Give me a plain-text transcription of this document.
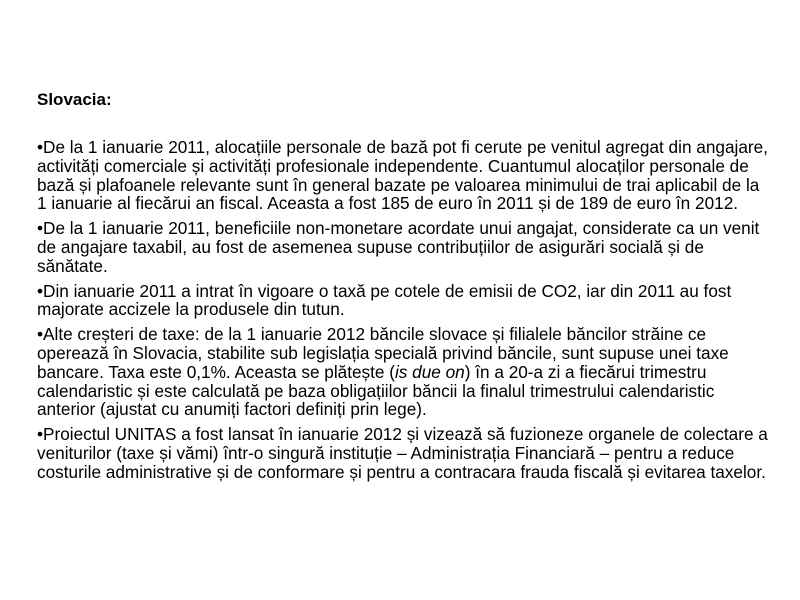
Slovacia:

•De la 1 ianuarie 2011, alocațiile personale de bază pot fi cerute pe venitul agregat din angajare, activități comerciale și activități profesionale independente. Cuantumul alocaților personale de bază și plafoanele relevante sunt în general bazate pe valoarea minimului de trai aplicabil de la 1 ianuarie al fiecărui an fiscal. Aceasta a fost 185 de euro în 2011 și de 189 de euro în 2012.
•De la 1 ianuarie 2011, beneficiile non-monetare acordate unui angajat, considerate ca un venit de angajare taxabil, au fost de asemenea supuse contribuțiilor de asigurări socială și de sănătate.
•Din ianuarie 2011 a intrat în vigoare o taxă pe cotele de emisii de CO2, iar din 2011 au fost majorate accizele la produsele din tutun.
•Alte creșteri de taxe: de la 1 ianuarie 2012 băncile slovace și filialele băncilor străine ce operează în Slovacia, stabilite sub legislația specială privind băncile, sunt supuse unei taxe bancare. Taxa este 0,1%. Aceasta se plătește (is due on) în a 20-a zi a fiecărui trimestru calendaristic și este calculată pe baza obligațiilor băncii la finalul trimestrului calendaristic anterior (ajustat cu anumiți factori definiți prin lege).
•Proiectul UNITAS a fost lansat în ianuarie 2012 și vizează să fuzioneze organele de colectare a veniturilor (taxe și vămi) într-o singură instituție – Administrația Financiară – pentru a reduce costurile administrative și de conformare și pentru a contracara frauda fiscală și evitarea taxelor.
